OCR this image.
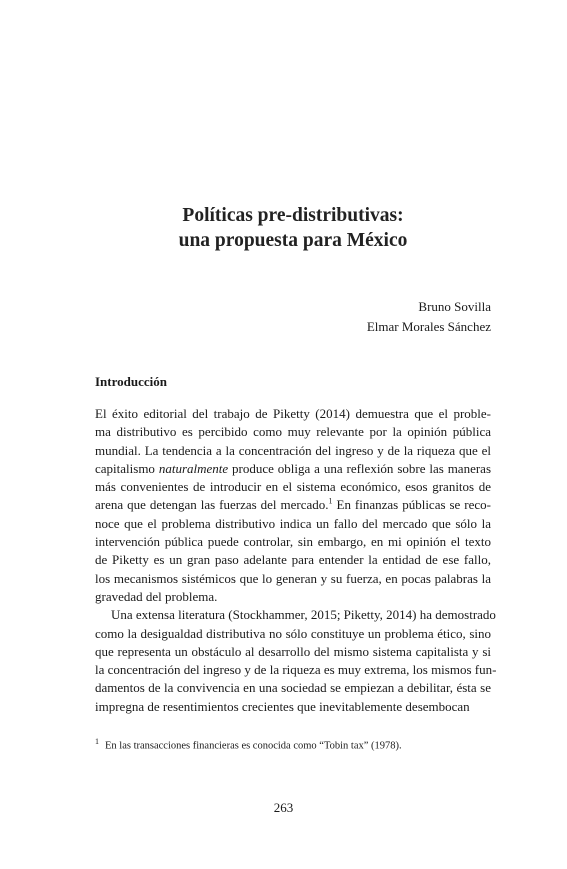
Políticas pre-distributivas:
una propuesta para México
Bruno Sovilla
Elmar Morales Sánchez
Introducción
El éxito editorial del trabajo de Piketty (2014) demuestra que el proble-
ma distributivo es percibido como muy relevante por la opinión pública
mundial. La tendencia a la concentración del ingreso y de la riqueza que el
capitalismo naturalmente produce obliga a una reflexión sobre las maneras
más convenientes de introducir en el sistema económico, esos granitos de
arena que detengan las fuerzas del mercado.$^1$ En finanzas públicas se reco-
noce que el problema distributivo indica un fallo del mercado que sólo la
intervención pública puede controlar, sin embargo, en mi opinión el texto
de Piketty es un gran paso adelante para entender la entidad de ese fallo,
los mecanismos sistémicos que lo generan y su fuerza, en pocas palabras la
gravedad del problema.
Una extensa literatura (Stockhammer, 2015; Piketty, 2014) ha demostrado
como la desigualdad distributiva no sólo constituye un problema ético, sino
que representa un obstáculo al desarrollo del mismo sistema capitalista y si
la concentración del ingreso y de la riqueza es muy extrema, los mismos fun-
damentos de la convivencia en una sociedad se empiezan a debilitar, ésta se
impregna de resentimientos crecientes que inevitablemente desembocan
$^1$ En las transacciones financieras es conocida como “Tobin tax” (1978).
263
